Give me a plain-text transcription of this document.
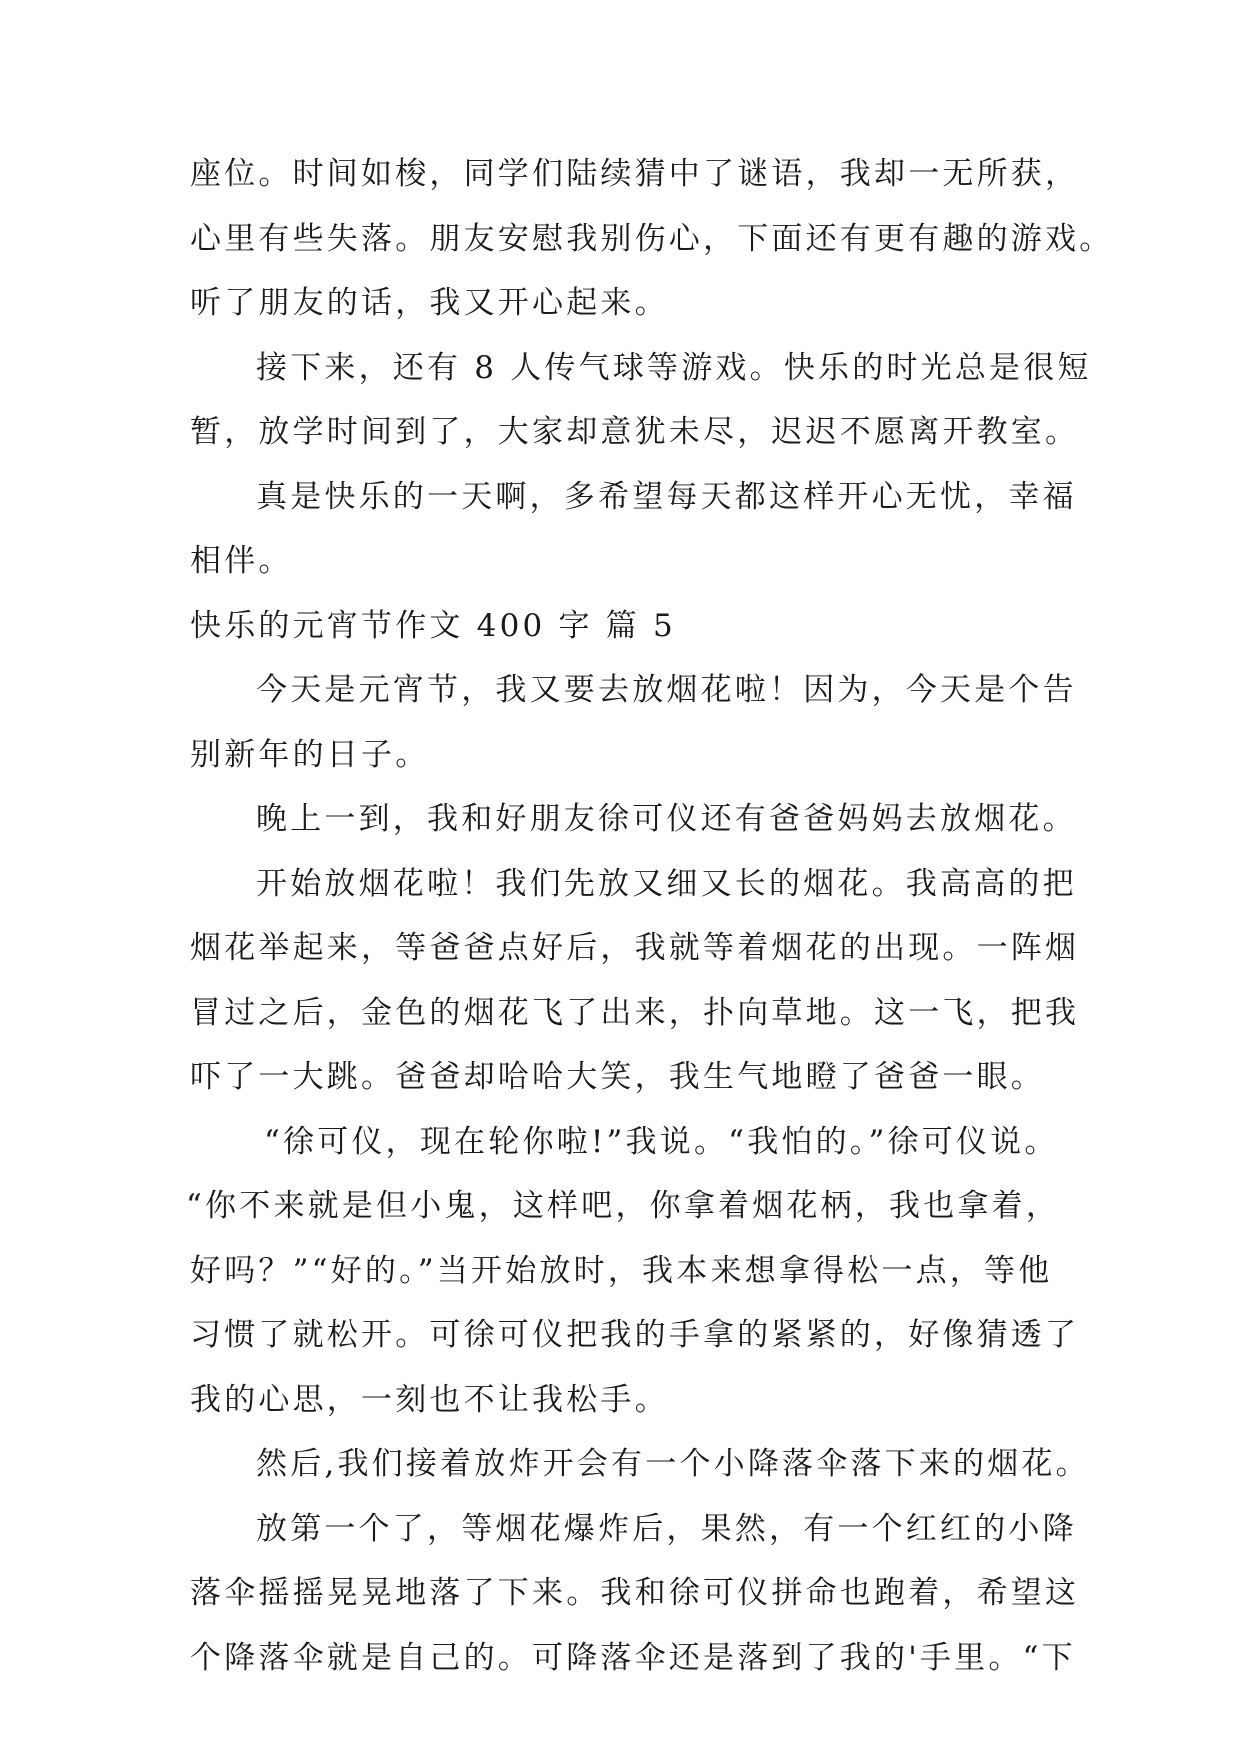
座位。时间如梭，同学们陆续猜中了谜语，我却一无所获，
心里有些失落。朋友安慰我别伤心，下面还有更有趣的游戏。
听了朋友的话，我又开心起来。
接下来，还有 8 人传气球等游戏。快乐的时光总是很短
暂，放学时间到了，大家却意犹未尽，迟迟不愿离开教室。
真是快乐的一天啊，多希望每天都这样开心无忧，幸福
相伴。
快乐的元宵节作文 400 字 篇 5
今天是元宵节，我又要去放烟花啦！因为，今天是个告
别新年的日子。
晚上一到，我和好朋友徐可仪还有爸爸妈妈去放烟花。
开始放烟花啦！我们先放又细又长的烟花。我高高的把
烟花举起来，等爸爸点好后，我就等着烟花的出现。一阵烟
冒过之后，金色的烟花飞了出来，扑向草地。这一飞，把我
吓了一大跳。爸爸却哈哈大笑，我生气地瞪了爸爸一眼。
“徐可仪，现在轮你啦!”我说。“我怕的。”徐可仪说。
“你不来就是但小鬼，这样吧，你拿着烟花柄，我也拿着，
好吗？”“好的。”当开始放时，我本来想拿得松一点，等他
习惯了就松开。可徐可仪把我的手拿的紧紧的，好像猜透了
我的心思，一刻也不让我松手。
然后,我们接着放炸开会有一个小降落伞落下来的烟花。
放第一个了，等烟花爆炸后，果然，有一个红红的小降
落伞摇摇晃晃地落了下来。我和徐可仪拼命也跑着，希望这
个降落伞就是自己的。可降落伞还是落到了我的'手里。“下
